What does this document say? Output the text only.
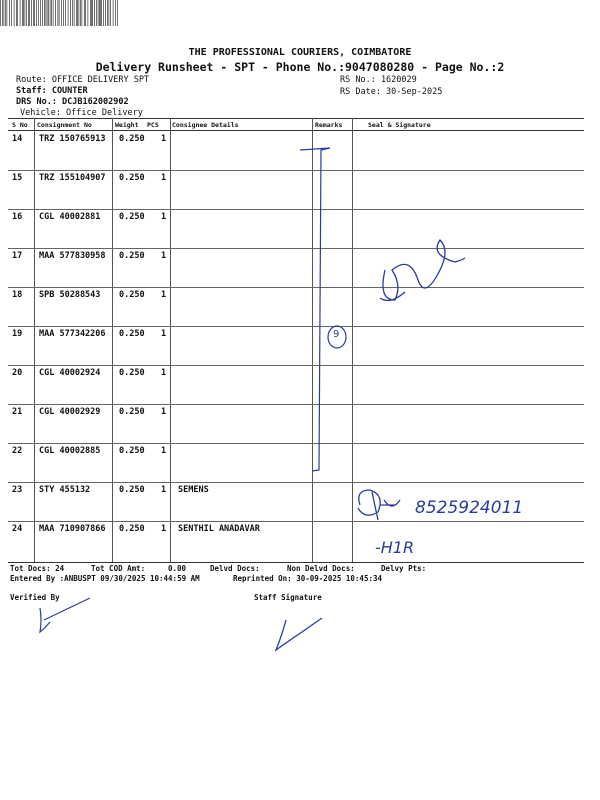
THE PROFESSIONAL COURIERS, COIMBATORE
Delivery Runsheet - SPT - Phone No.:9047080280 - Page No.:2
Route: OFFICE DELIVERY SPT
Staff: COUNTER
DRS No.: DCJB162002902
Vehicle: Office Delivery
RS No.: 1620029
RS Date: 30-Sep-2025
S No Consignment No	Weight PCS Consignee Details	Remarks	Seal & Signature
14 TRZ 150765913 0.250 1
15 TRZ 155104907 0.250 1
16 CGL 40002881 0.250 1
17 MAA 577830958 0.250 1
18 SPB 50288543 0.250 1
19 MAA 577342206 0.250 1
20 CGL 40002924 0.250 1
21 CGL 40002929 0.250 1
22 CGL 40002885 0.250 1
23 STY 455132	0.250 1 SEMENS
24 MAA 710907866 0.250 1 SENTHIL ANADAVAR
Tot Docs: 24	Tot COD Amt:	0.00	Delvd Docs:	Non Delvd Docs:	Delvy Pts:
Entered By :ANBUSPT 09/30/2025 10:44:59 AM	Reprinted On: 30-09-2025 10:45:34
Verified By	Staff Signature
9
8525924011
-H1R
